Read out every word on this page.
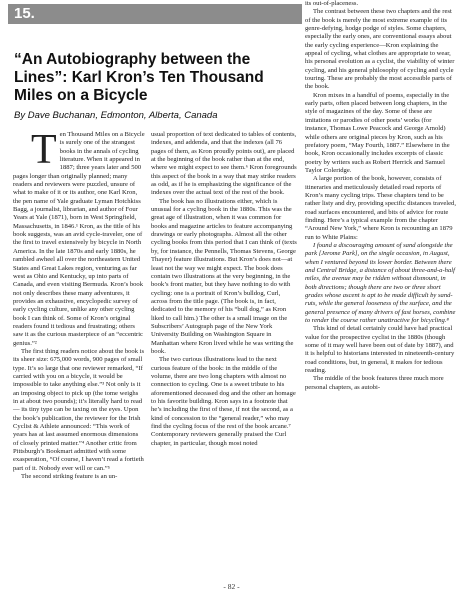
15.
“An Autobiography between the Lines”: Karl Kron’s Ten Thousand Miles on a Bicycle
By Dave Buchanan, Edmonton, Alberta, Canada
T en Thousand Miles on a Bicycle is surely one of the strangest books in the annals of cycling literature. When it appeared in 1887; three years later and 500 pages longer than originally planned; many readers and reviewers were puzzled, unsure of what to make of it or its author, one Karl Kron, the pen name of Yale graduate Lyman Hotchkiss Bagg, a journalist, librarian, and author of Four Years at Yale (1871), born in West Springfield, Massachusetts, in 1846.¹ Kron, as the title of his book suggests, was an avid cycle-traveler, one of the first to travel extensively by bicycle in North America. In the late 1870s and early 1880s, he rambled awheel all over the northeastern United States and Great Lakes region, venturing as far west as Ohio and Kentucky, up into parts of Canada, and even visiting Bermuda. Kron’s book not only describes these many adventures, it provides an exhaustive, encyclopedic survey of early cycling culture, unlike any other cycling book I can think of. Some of Kron’s original readers found it tedious and frustrating; others saw it as the curious masterpiece of an “eccentric genius.”²

The first thing readers notice about the book is its sheer size: 675,000 words, 900 pages of small type. It’s so large that one reviewer remarked, “If carried with you on a bicycle, it would be impossible to take anything else.”³ Not only is it an imposing object to pick up (the tome weighs in at about two pounds); it’s literally hard to read — its tiny type can be taxing on the eyes. Upon the book’s publication, the reviewer for the Irish Cyclist & Athlete announced: “This work of years has at last assumed enormous dimensions of closely printed matter.”⁴ Another critic from Pittsburgh’s Bookmart admitted with some exasperation, “Of course, I haven’t read a fortieth part of it. Nobody ever will or can.”⁵

The second striking feature is an un-

usual proportion of text dedicated to tables of contents, indexes, and addenda, and that the indexes (all 76 pages of them, as Kron proudly points out), are placed at the beginning of the book rather than at the end, where we might expect to see them.⁶ Kron foregrounds this aspect of the book in a way that may strike readers as odd, as if he is emphasizing the significance of the indexes over the actual text of the rest of the book.

The book has no illustrations either, which is unusual for a cycling book in the 1880s. This was the great age of illustration, when it was common for books and magazine articles to feature accompanying drawings or early photographs. Almost all the other cycling books from this period that I can think of (texts by, for instance, the Pennells, Thomas Stevens, George Thayer) feature illustrations. But Kron’s does not—at least not the way we might expect. The book does contain two illustrations at the very beginning, in the book’s front matter, but they have nothing to do with cycling: one is a portrait of Kron’s bulldog, Curl, across from the title page. (The book is, in fact, dedicated to the memory of his “bull dog,” as Kron liked to call him.) The other is a small image on the Subscribers’ Autograph page of the New York University Building on Washington Square in Manhattan where Kron lived while he was writing the book.

The two curious illustrations lead to the next curious feature of the book: in the middle of the volume, there are two long chapters with almost no connection to cycling. One is a sweet tribute to his aforementioned deceased dog and the other an homage to his favorite building. Kron says in a footnote that he’s including the first of these, if not the second, as a kind of concession to the “general reader,” who may find the cycling focus of the rest of the book arcane.⁷ Contemporary reviewers generally praised the Curl chapter, in particular, though most noted

its out-of-placeness.

The contrast between these two chapters and the rest of the book is merely the most extreme example of its genre-defying, hodge podge of styles. Some chapters, especially the early ones, are conventional essays about the early cycling experience—Kron explaining the appeal of cycling, what clothes are appropriate to wear, his personal evolution as a cyclist, the viability of winter cycling, and his general philosophy of cycling and cycle touring. These are probably the most accessible parts of the book.

Kron mixes in a handful of poems, especially in the early parts, often placed between long chapters, in the style of magazines of the day. Some of these are imitations or parodies of other poets’ works (for instance, Thomas Lowe Peacock and George Arnold) while others are original pieces by Kron, such as his prefatory poem, “May Fourth, 1887.” Elsewhere in the book, Kron occasionally includes excerpts of classic poetry by writers such as Robert Herrick and Samuel Taylor Coleridge.

A large portion of the book, however, consists of itineraries and meticulously detailed road reports of Kron’s many cycling trips. These chapters tend to be rather listy and dry, providing specific distances traveled, road surfaces encountered, and bits of advice for route finding. Here’s a typical example from the chapter “Around New York,” where Kron is recounting an 1879 run to White Plains:

I found a discouraging amount of sand alongside the park [Jerome Park], on the single occasion, in August, when I ventured beyond its lower border. Between there and Central Bridge, a distance of about three-and-a-half miles, the avenue may be ridden without dismount, in both directions; though there are two or three short grades whose ascent is apt to be made difficult by sand-ruts, while the general looseness of the surface, and the general presence of many drivers of fast horses, combine to render the course rather unattractive for bicycling.⁸

This kind of detail certainly could have had practical value for the prospective cyclist in the 1880s (though some of it may well have been out of date by 1887), and it is helpful to historians interested in nineteenth-century road conditions, but, in general, it makes for tedious reading.

The middle of the book features three much more personal chapters, as autobi-

- 82 -
